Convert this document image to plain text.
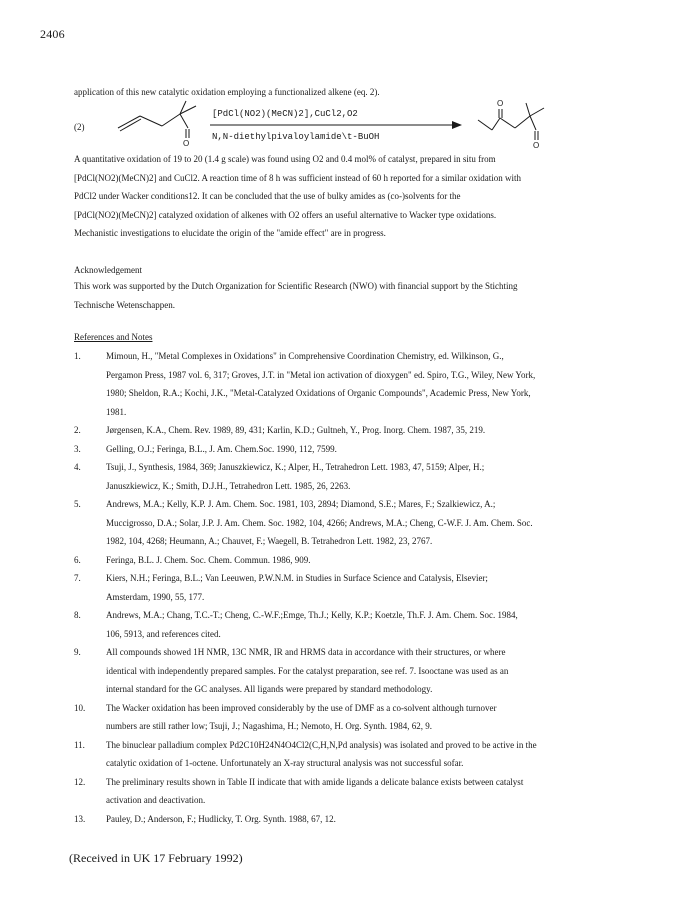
2406
application of this new catalytic oxidation employing a functionalized alkene (eq. 2).
(2)
O
O
O
[PdCl(NO2)(MeCN)2],CuCl2,O2
N,N-diethylpivaloylamide\t-BuOH
A quantitative oxidation of 19 to 20 (1.4 g scale) was found using O2 and 0.4 mol% of catalyst, prepared in situ from
[PdCl(NO2)(MeCN)2] and CuCl2. A reaction time of 8 h was sufficient instead of 60 h reported for a similar oxidation with
PdCl2 under Wacker conditions12. It can be concluded that the use of bulky amides as (co-)solvents for the
[PdCl(NO2)(MeCN)2] catalyzed oxidation of alkenes with O2 offers an useful alternative to Wacker type oxidations.
Mechanistic investigations to elucidate the origin of the "amide effect" are in progress.
Acknowledgement
This work was supported by the Dutch Organization for Scientific Research (NWO) with financial support by the Stichting
Technische Wetenschappen.
References and Notes
1.	Mimoun, H., "Metal Complexes in Oxidations" in Comprehensive Coordination Chemistry, ed. Wilkinson, G.,
Pergamon Press, 1987 vol. 6, 317; Groves, J.T. in "Metal ion activation of dioxygen" ed. Spiro, T.G., Wiley, New York,
1980; Sheldon, R.A.; Kochi, J.K., "Metal-Catalyzed Oxidations of Organic Compounds", Academic Press, New York,
1981.
2.	Jørgensen, K.A., Chem. Rev. 1989, 89, 431; Karlin, K.D.; Gultneh, Y., Prog. Inorg. Chem. 1987, 35, 219.
3.	Gelling, O.J.; Feringa, B.L., J. Am. Chem.Soc. 1990, 112, 7599.
4.	Tsuji, J., Synthesis, 1984, 369; Januszkiewicz, K.; Alper, H., Tetrahedron Lett. 1983, 47, 5159; Alper, H.;
Januszkiewicz, K.; Smith, D.J.H., Tetrahedron Lett. 1985, 26, 2263.
5.	Andrews, M.A.; Kelly, K.P. J. Am. Chem. Soc. 1981, 103, 2894; Diamond, S.E.; Mares, F.; Szalkiewicz, A.;
Muccigrosso, D.A.; Solar, J.P. J. Am. Chem. Soc. 1982, 104, 4266; Andrews, M.A.; Cheng, C-W.F. J. Am. Chem. Soc.
1982, 104, 4268; Heumann, A.; Chauvet, F.; Waegell, B. Tetrahedron Lett. 1982, 23, 2767.
6.	Feringa, B.L. J. Chem. Soc. Chem. Commun. 1986, 909.
7.	Kiers, N.H.; Feringa, B.L.; Van Leeuwen, P.W.N.M. in Studies in Surface Science and Catalysis, Elsevier;
Amsterdam, 1990, 55, 177.
8.	Andrews, M.A.; Chang, T.C.-T.; Cheng, C.-W.F.;Emge, Th.J.; Kelly, K.P.; Koetzle, Th.F. J. Am. Chem. Soc. 1984,
106, 5913, and references cited.
9.	All compounds showed 1H NMR, 13C NMR, IR and HRMS data in accordance with their structures, or where
identical with independently prepared samples. For the catalyst preparation, see ref. 7. Isooctane was used as an
internal standard for the GC analyses. All ligands were prepared by standard methodology.
10.	The Wacker oxidation has been improved considerably by the use of DMF as a co-solvent although turnover
numbers are still rather low; Tsuji, J.; Nagashima, H.; Nemoto, H. Org. Synth. 1984, 62, 9.
11.	The binuclear palladium complex Pd2C10H24N4O4Cl2(C,H,N,Pd analysis) was isolated and proved to be active in the
catalytic oxidation of 1-octene. Unfortunately an X-ray structural analysis was not successful sofar.
12.	The preliminary results shown in Table II indicate that with amide ligands a delicate balance exists between catalyst
activation and deactivation.
13.	Pauley, D.; Anderson, F.; Hudlicky, T. Org. Synth. 1988, 67, 12.
(Received in UK 17 February 1992)
